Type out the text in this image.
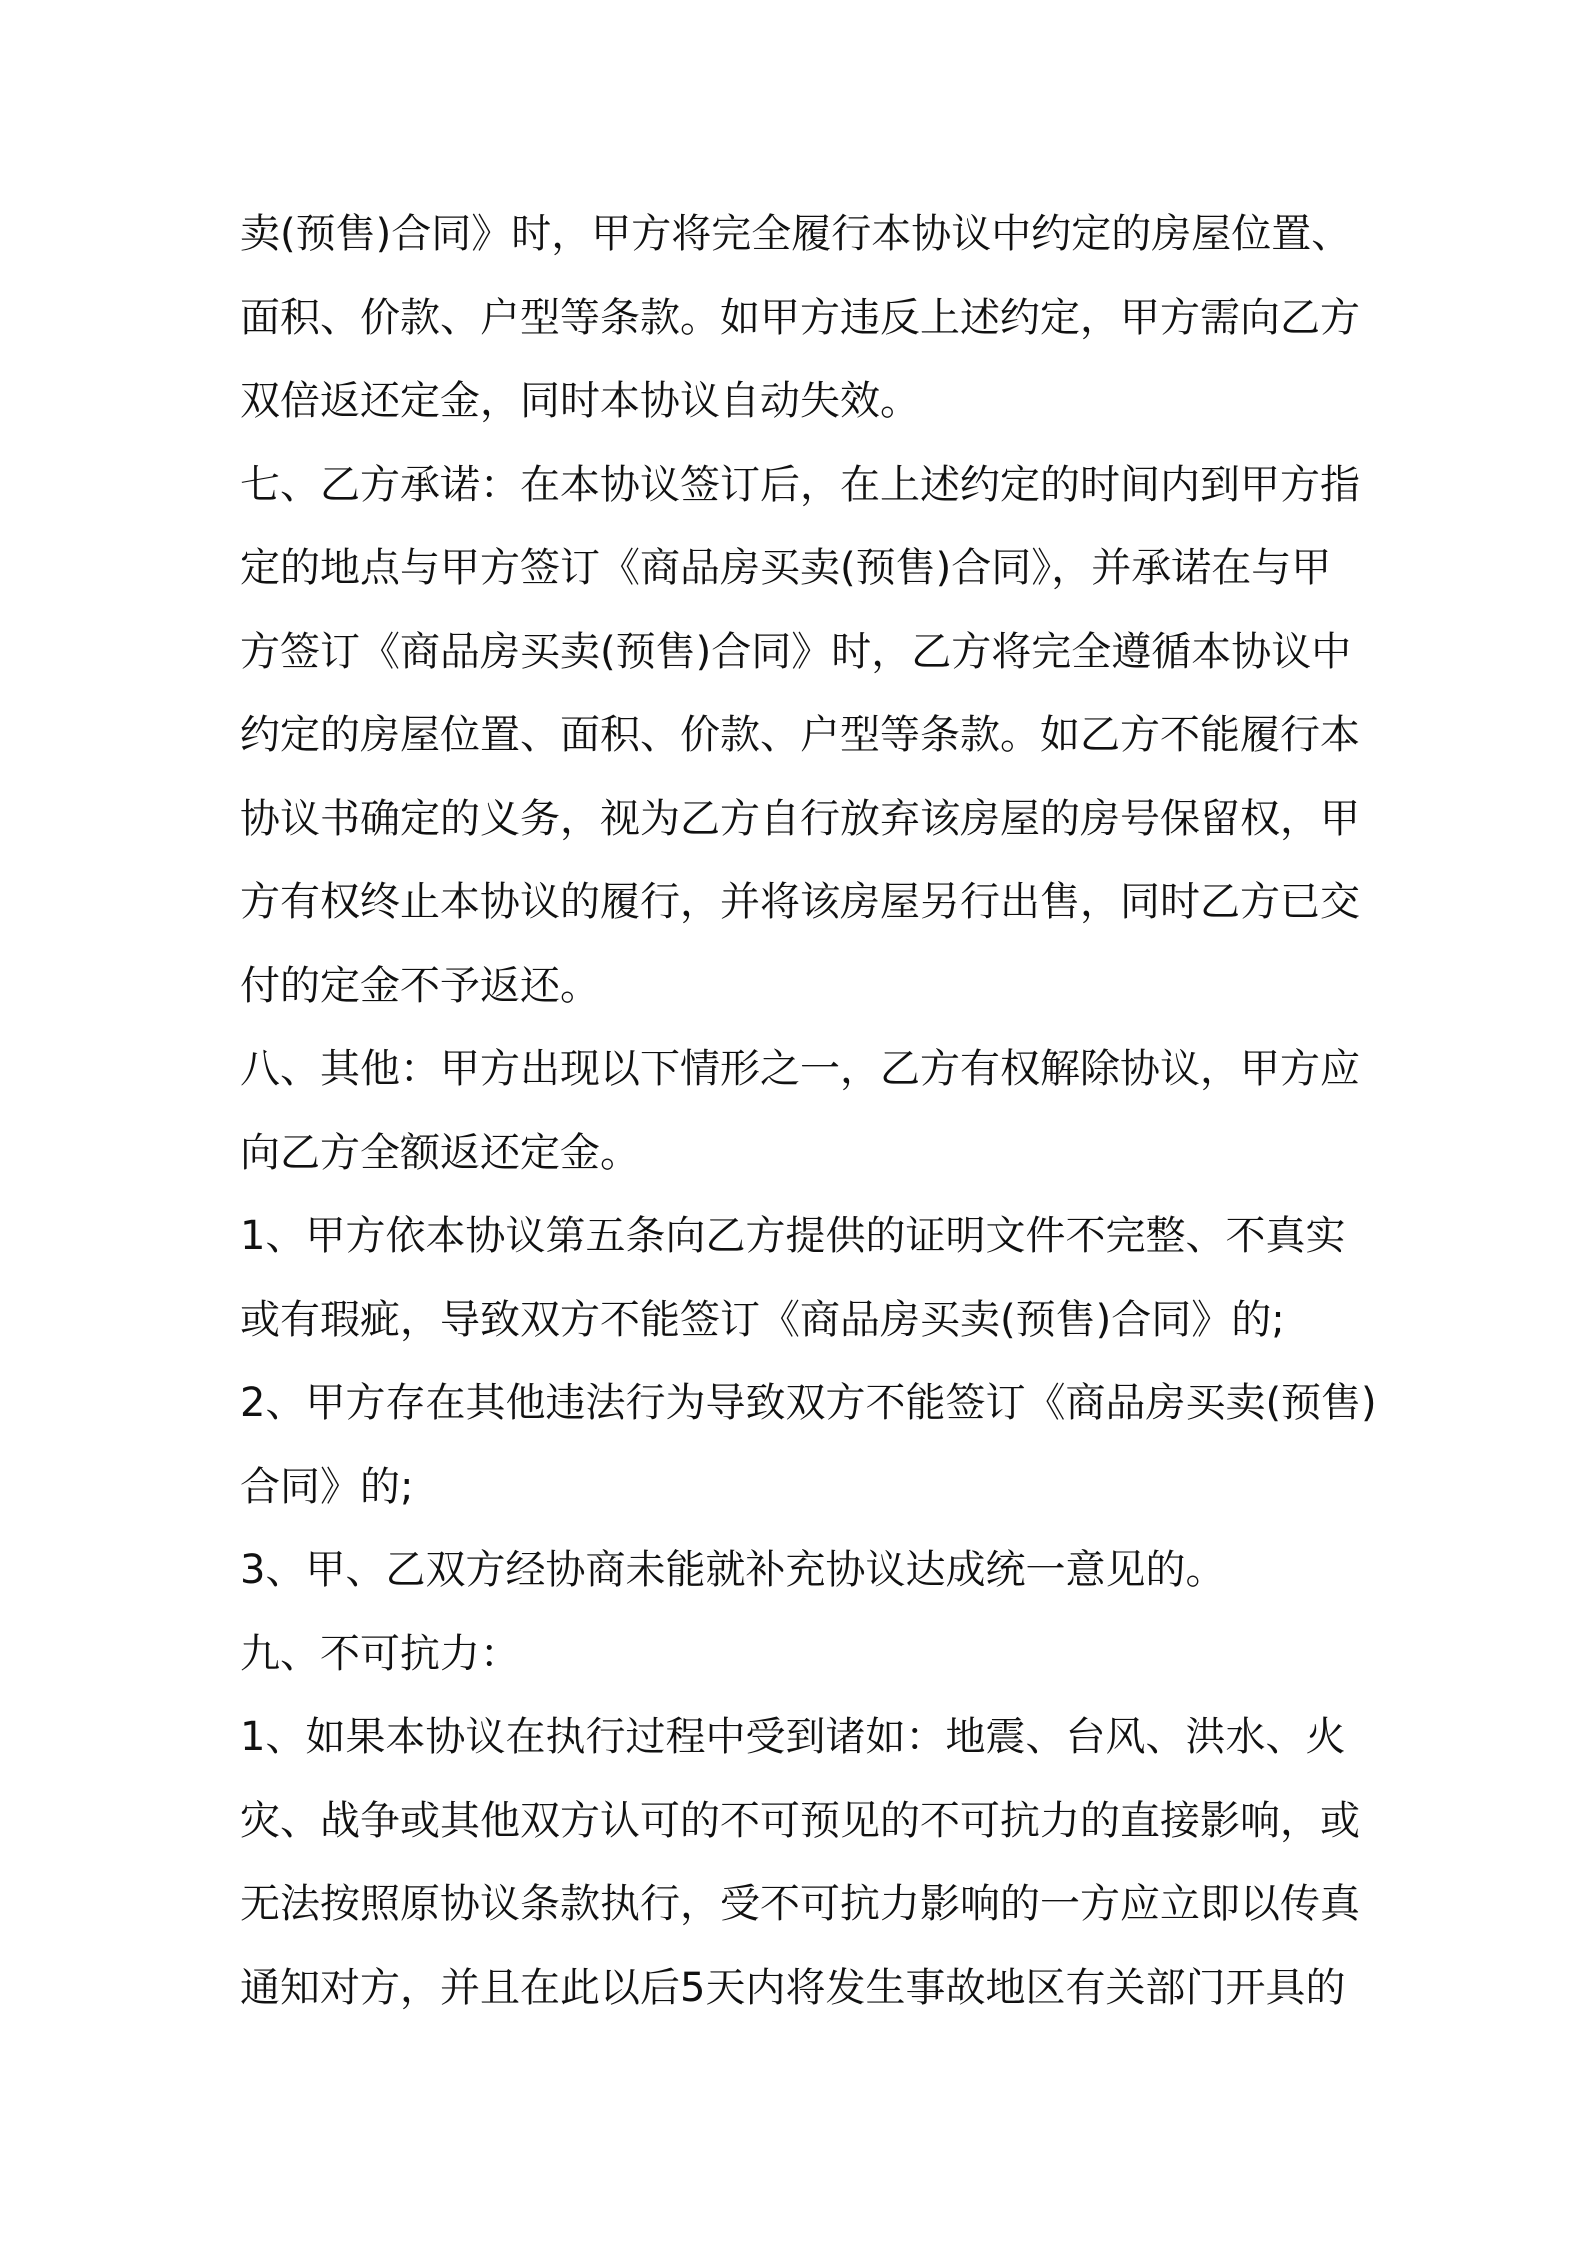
卖(预售)合同》时，甲方将完全履行本协议中约定的房屋位置、
面积、价款、户型等条款。如甲方违反上述约定，甲方需向乙方
双倍返还定金，同时本协议自动失效。
七、乙方承诺：在本协议签订后，在上述约定的时间内到甲方指
定的地点与甲方签订《商品房买卖(预售)合同》，并承诺在与甲
方签订《商品房买卖(预售)合同》时，乙方将完全遵循本协议中
约定的房屋位置、面积、价款、户型等条款。如乙方不能履行本
协议书确定的义务，视为乙方自行放弃该房屋的房号保留权，甲
方有权终止本协议的履行，并将该房屋另行出售，同时乙方已交
付的定金不予返还。
八、其他：甲方出现以下情形之一，乙方有权解除协议，甲方应
向乙方全额返还定金。
1、甲方依本协议第五条向乙方提供的证明文件不完整、不真实
或有瑕疵，导致双方不能签订《商品房买卖(预售)合同》的;
2、甲方存在其他违法行为导致双方不能签订《商品房买卖(预售)
合同》的;
3、甲、乙双方经协商未能就补充协议达成统一意见的。
九、不可抗力：
1、如果本协议在执行过程中受到诸如：地震、台风、洪水、火
灾、战争或其他双方认可的不可预见的不可抗力的直接影响，或
无法按照原协议条款执行，受不可抗力影响的一方应立即以传真
通知对方，并且在此以后5天内将发生事故地区有关部门开具的
